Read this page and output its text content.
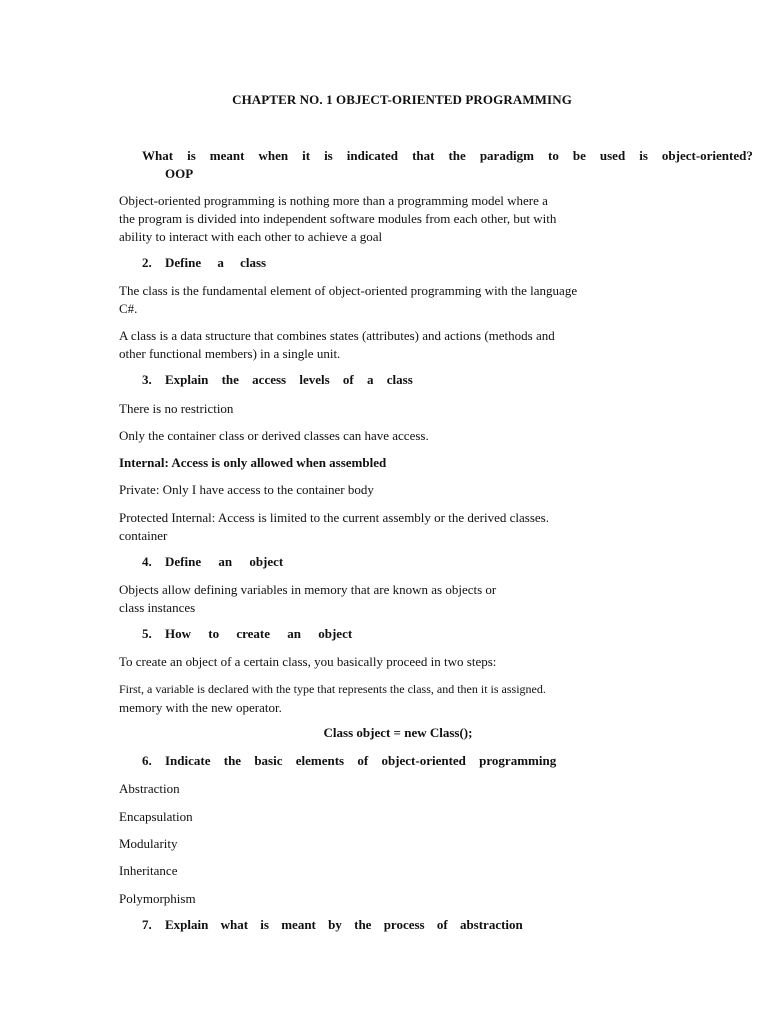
CHAPTER NO. 1 OBJECT-ORIENTED PROGRAMMING
What is meant when it is indicated that the paradigm to be used is object-oriented?
OOP
Object-oriented programming is nothing more than a programming model where a
the program is divided into independent software modules from each other, but with
ability to interact with each other to achieve a goal
2. Define a class
The class is the fundamental element of object-oriented programming with the language
C#.
A class is a data structure that combines states (attributes) and actions (methods and
other functional members) in a single unit.
3. Explain the access levels of a class
There is no restriction
Only the container class or derived classes can have access.
Internal: Access is only allowed when assembled
Private: Only I have access to the container body
Protected Internal: Access is limited to the current assembly or the derived classes.
container
4. Define an object
Objects allow defining variables in memory that are known as objects or
class instances
5. How to create an object
To create an object of a certain class, you basically proceed in two steps:
First, a variable is declared with the type that represents the class, and then it is assigned.
memory with the new operator.
Class object = new Class();
6. Indicate the basic elements of object-oriented programming
Abstraction
Encapsulation
Modularity
Inheritance
Polymorphism
7. Explain what is meant by the process of abstraction
